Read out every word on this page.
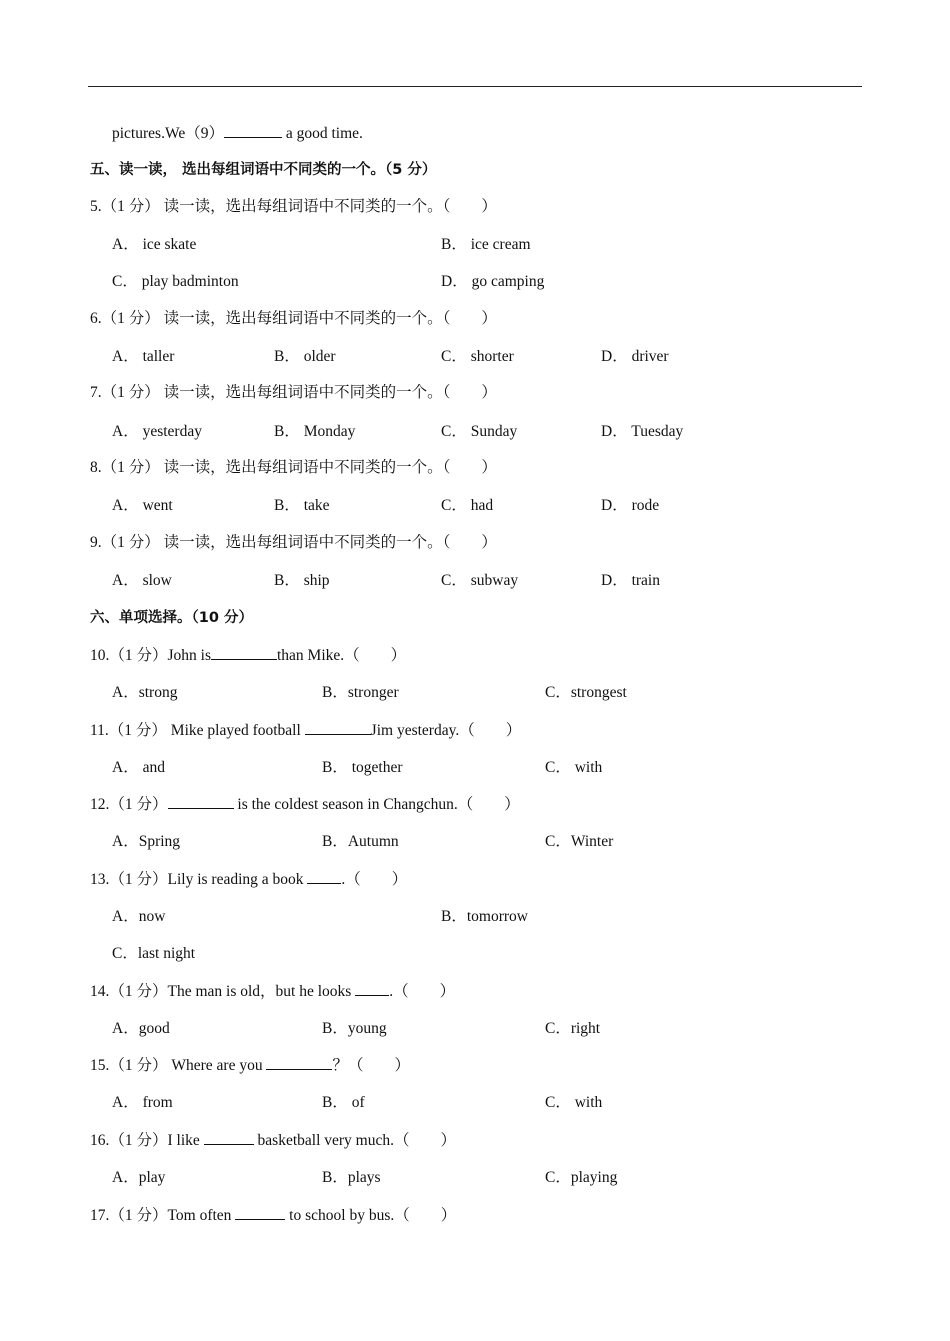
pictures.We（9）	a good time.
五、读一读， 选出每组词语中不同类的一个。（5 分）
5.（1 分） 读一读，选出每组词语中不同类的一个。（　　）
A． ice skate	B． ice cream
C． play badminton	D． go camping
6.（1 分） 读一读，选出每组词语中不同类的一个。（　　）
A． taller	B． older	C． shorter	D． driver
7.（1 分） 读一读，选出每组词语中不同类的一个。（　　）
A． yesterday	B． Monday	C． Sunday	D． Tuesday
8.（1 分） 读一读，选出每组词语中不同类的一个。（　　）
A． went	B． take	C． had	D． rode
9.（1 分） 读一读，选出每组词语中不同类的一个。（　　）
A． slow	B． ship	C． subway	D． train
六、单项选择。（10 分）
10.（1 分）John is	than Mike.（　　）
A．strong	B．stronger	C．strongest
11.（1 分） Mike played football	Jim yesterday.（　　）
A． and	B． together	C． with
12.（1 分）	is the coldest season in Changchun.（　　）
A．Spring	B．Autumn	C．Winter
13.（1 分）Lily is reading a book .（　　）
A．now	B．tomorrow
C．last night
14.（1 分）The man is old，but he looks .（　　）
A．good	B．young	C．right
15.（1 分） Where are you	？（　　）
A． from	B． of	C． with
16.（1 分）I like	basketball very much.（　　）
A．play	B．plays	C．playing
17.（1 分）Tom often	to school by bus.（　　）
